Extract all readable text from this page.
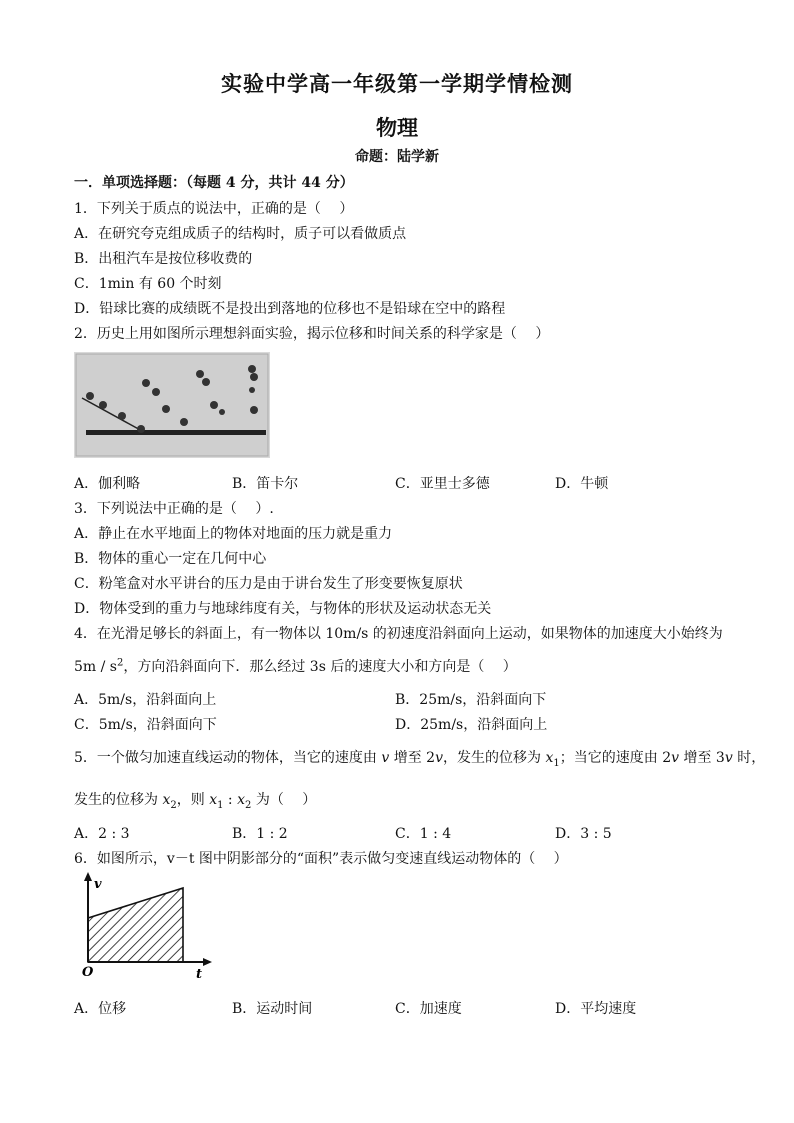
实验中学高一年级第一学期学情检测
物理
命题：陆学新
一．单项选择题：（每题 4 分，共计 44 分）
1．下列关于质点的说法中，正确的是（　 ）
A．在研究夸克组成质子的结构时，质子可以看做质点
B．出租汽车是按位移收费的
C．1min 有 60 个时刻
D．铅球比赛的成绩既不是投出到落地的位移也不是铅球在空中的路程
2．历史上用如图所示理想斜面实验，揭示位移和时间关系的科学家是（　 ）
A．伽利略	B．笛卡尔	C．亚里士多德	D．牛顿
3．下列说法中正确的是（　 ）.
A．静止在水平地面上的物体对地面的压力就是重力
B．物体的重心一定在几何中心
C．粉笔盒对水平讲台的压力是由于讲台发生了形变要恢复原状
D．物体受到的重力与地球纬度有关，与物体的形状及运动状态无关
4．在光滑足够长的斜面上，有一物体以 10m/s 的初速度沿斜面向上运动，如果物体的加速度大小始终为
$5m / s^2$，方向沿斜面向下．那么经过 3s 后的速度大小和方向是（　 ）
A．5m/s，沿斜面向上	B．25m/s，沿斜面向下
C．5m/s，沿斜面向下	D．25m/s，沿斜面向上
5．一个做匀加速直线运动的物体，当它的速度由 v 增至 2v，发生的位移为 $x_1$；当它的速度由 2v 增至 3v 时，
发生的位移为 $x_2$，则 $x_1$ : $x_2$ 为（　 ）
A．2 : 3	B．1 : 2	C．1 : 4	D．3 : 5
6．如图所示，v－t 图中阴影部分的“面积”表示做匀变速直线运动物体的（　 ）
v
t
O
A．位移	B．运动时间	C．加速度	D．平均速度
